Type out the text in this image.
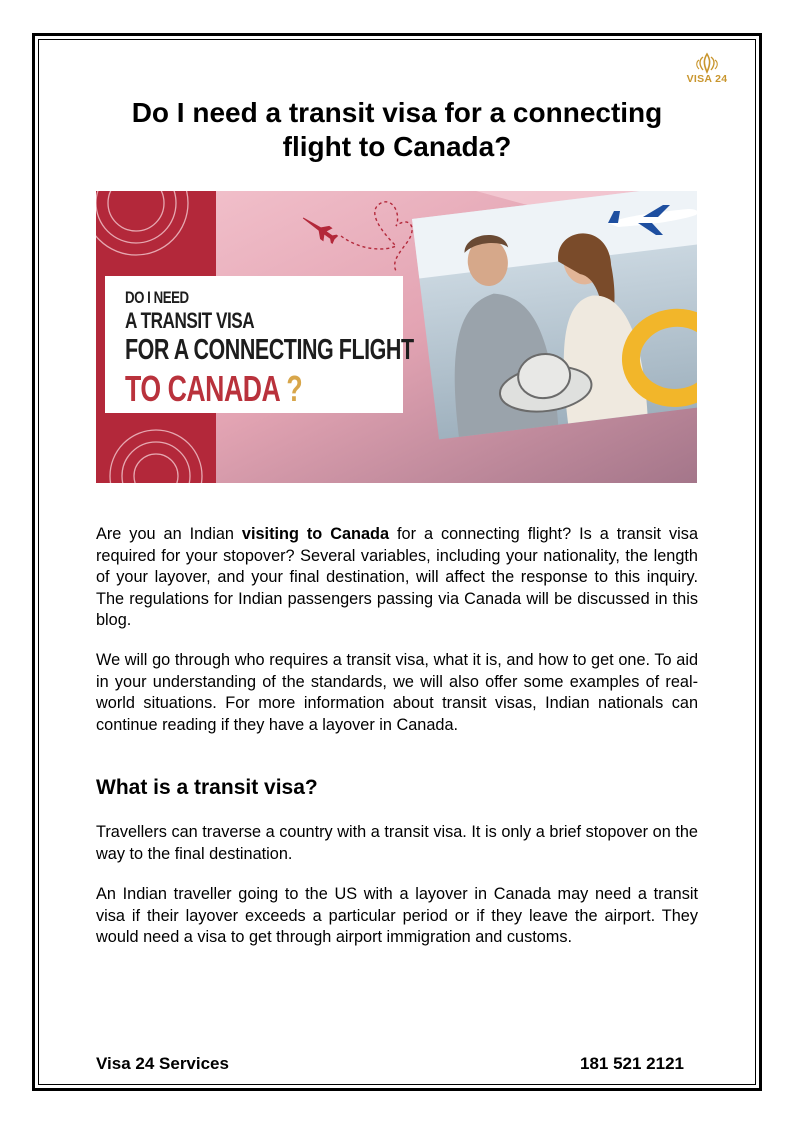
VISA 24
Do I need a transit visa for a connecting flight to Canada?
DO I NEED
A TRANSIT VISA
FOR A CONNECTING FLIGHT
TO CANADA ?

Are you an Indian visiting to Canada for a connecting flight? Is a transit visa required for your stopover? Several variables, including your nationality, the length of your layover, and your final destination, will affect the response to this inquiry. The regulations for Indian passengers passing via Canada will be discussed in this blog.

We will go through who requires a transit visa, what it is, and how to get one. To aid in your understanding of the standards, we will also offer some examples of real-world situations. For more information about transit visas, Indian nationals can continue reading if they have a layover in Canada.

What is a transit visa?

Travellers can traverse a country with a transit visa. It is only a brief stopover on the way to the final destination.

An Indian traveller going to the US with a layover in Canada may need a transit visa if their layover exceeds a particular period or if they leave the airport. They would need a visa to get through airport immigration and customs.

Visa 24 Services	181 521 2121
